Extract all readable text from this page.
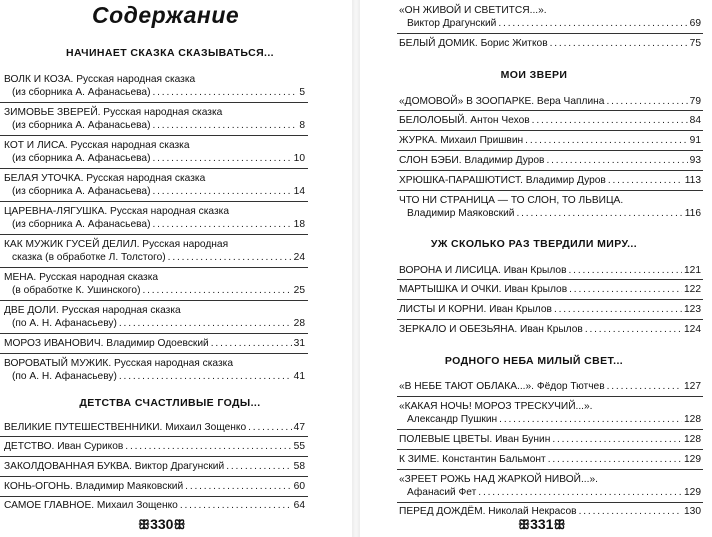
Содержание
НАЧИНАЕТ СКАЗКА СКАЗЫВАТЬСЯ...
ВОЛК И КОЗА. Русская народная сказка
(из сборника А. Афанасьева) . . .	5
ЗИМОВЬЕ ЗВЕРЕЙ. Русская народная сказка
(из сборника А. Афанасьева) . . .	8
КОТ И ЛИСА. Русская народная сказка
(из сборника А. Афанасьева) . . .	10
БЕЛАЯ УТОЧКА. Русская народная сказка
(из сборника А. Афанасьева) . . .	14
ЦАРЕВНА-ЛЯГУШКА. Русская народная сказка
(из сборника А. Афанасьева) . . .	18
КАК МУЖИК ГУСЕЙ ДЕЛИЛ. Русская народная
сказка (в обработке Л. Толстого) . . .	24
МЕНА. Русская народная сказка
(в обработке К. Ушинского) . . .	25
ДВЕ ДОЛИ. Русская народная сказка
(по А. Н. Афанасьеву) . . .	28
МОРОЗ ИВАНОВИЧ. Владимир Одоевский . . .	31
ВОРОВАТЫЙ МУЖИК. Русская народная сказка
(по А. Н. Афанасьеву) . . .	41
ДЕТСТВА СЧАСТЛИВЫЕ ГОДЫ...
ВЕЛИКИЕ ПУТЕШЕСТВЕННИКИ. Михаил Зощенко . . .	47
ДЕТСТВО. Иван Суриков . . .	55
ЗАКОЛДОВАННАЯ БУКВА. Виктор Драгунский . . .	58
КОНЬ-ОГОНЬ. Владимир Маяковский . . .	60
САМОЕ ГЛАВНОЕ. Михаил Зощенко . . .	64
ꕥ330ꕥ
«ОН ЖИВОЙ И СВЕТИТСЯ...».
Виктор Драгунский . . .	69
БЕЛЫЙ ДОМИК. Борис Житков . . .	75
МОИ ЗВЕРИ
«ДОМОВОЙ» В ЗООПАРКЕ. Вера Чаплина . . .	79
БЕЛОЛОБЫЙ. Антон Чехов . . .	84
ЖУРКА. Михаил Пришвин . . .	91
СЛОН БЭБИ. Владимир Дуров . . .	93
ХРЮШКА-ПАРАШЮТИСТ. Владимир Дуров . . .	113
ЧТО НИ СТРАНИЦА — ТО СЛОН, ТО ЛЬВИЦА.
Владимир Маяковский . . .	116
УЖ СКОЛЬКО РАЗ ТВЕРДИЛИ МИРУ...
ВОРОНА И ЛИСИЦА. Иван Крылов . . .	121
МАРТЫШКА И ОЧКИ. Иван Крылов . . .	122
ЛИСТЫ И КОРНИ. Иван Крылов . . .	123
ЗЕРКАЛО И ОБЕЗЬЯНА. Иван Крылов . . .	124
РОДНОГО НЕБА МИЛЫЙ СВЕТ...
«В НЕБЕ ТАЮТ ОБЛАКА...». Фёдор Тютчев . . .	127
«КАКАЯ НОЧЬ! МОРОЗ ТРЕСКУЧИЙ...».
Александр Пушкин . . .	128
ПОЛЕВЫЕ ЦВЕТЫ. Иван Бунин . . .	128
К ЗИМЕ. Константин Бальмонт . . .	129
«ЗРЕЕТ РОЖЬ НАД ЖАРКОЙ НИВОЙ...».
Афанасий Фет . . .	129
ПЕРЕД ДОЖДЁМ. Николай Некрасов . . .	130
ꕥ331ꕥ
